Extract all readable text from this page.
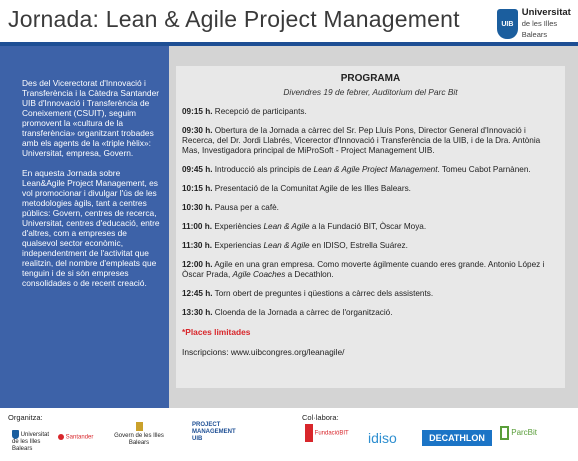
Jornada: Lean & Agile Project Management	UIB
Universitat
de les Illes Balears

Des del Vicerectorat d'Innovació i Transferència i la Càtedra Santander UIB d'Innovació i Transferència de Coneixement (CSUIT), seguim promovent la «cultura de la transferència» organitzant trobades amb els agents de la «triple hèlix»: Universitat, empresa, Govern.

En aquesta Jornada sobre Lean&Agile Project Management, es vol promocionar i divulgar l'ús de les metodologies àgils, tant a centres públics: Govern, centres de recerca, Universitat, centres d'educació, entre d'altres, com a empreses de qualsevol sector econòmic, independentment de l'activitat que realitzin, del nombre d'empleats que tenguin i de si són empreses consolidades o de recent creació.

PROGRAMA
Divendres 19 de febrer, Auditorium del Parc Bit
09:15 h. Recepció de participants.
09:30 h. Obertura de la Jornada a càrrec del Sr. Pep Lluís Pons, Director General d'Innovació i Recerca, del Dr. Jordi Llabrés, Vicerector d'Innovació i Transferència de la UIB, i de la Dra. Antònia Mas, Investigadora principal de MiProSoft - Project Management UIB.
09:45 h. Introducció als principis de Lean & Agile Project Management. Tomeu Cabot Parnànen.
10:15 h. Presentació de la Comunitat Agile de les Illes Balears.
10:30 h. Pausa per a cafè.
11:00 h. Experiències Lean & Agile a la Fundació BIT, Òscar Moya.
11:30 h. Experiencias Lean & Agile en IDISO, Estrella Suárez.
12:00 h. Agile en una gran empresa. Como moverte ágilmente cuando eres grande. Antonio López i Òscar Prada, Agile Coaches a Decathlon.
12:45 h. Torn obert de preguntes i qüestions a càrrec dels assistents.
13:30 h. Cloenda de la Jornada a càrrec de l'organització.
*Places limitades
Inscripcions: www.uibcongres.org/leanagile/
Organitza:	Col·labora:
Universitat de les Illes Balears
Santander	Govern de les Illes Balears
PROJECT MANAGEMENT UIB
FundacióBIT	idiso	DECATHLON
ParcBit
